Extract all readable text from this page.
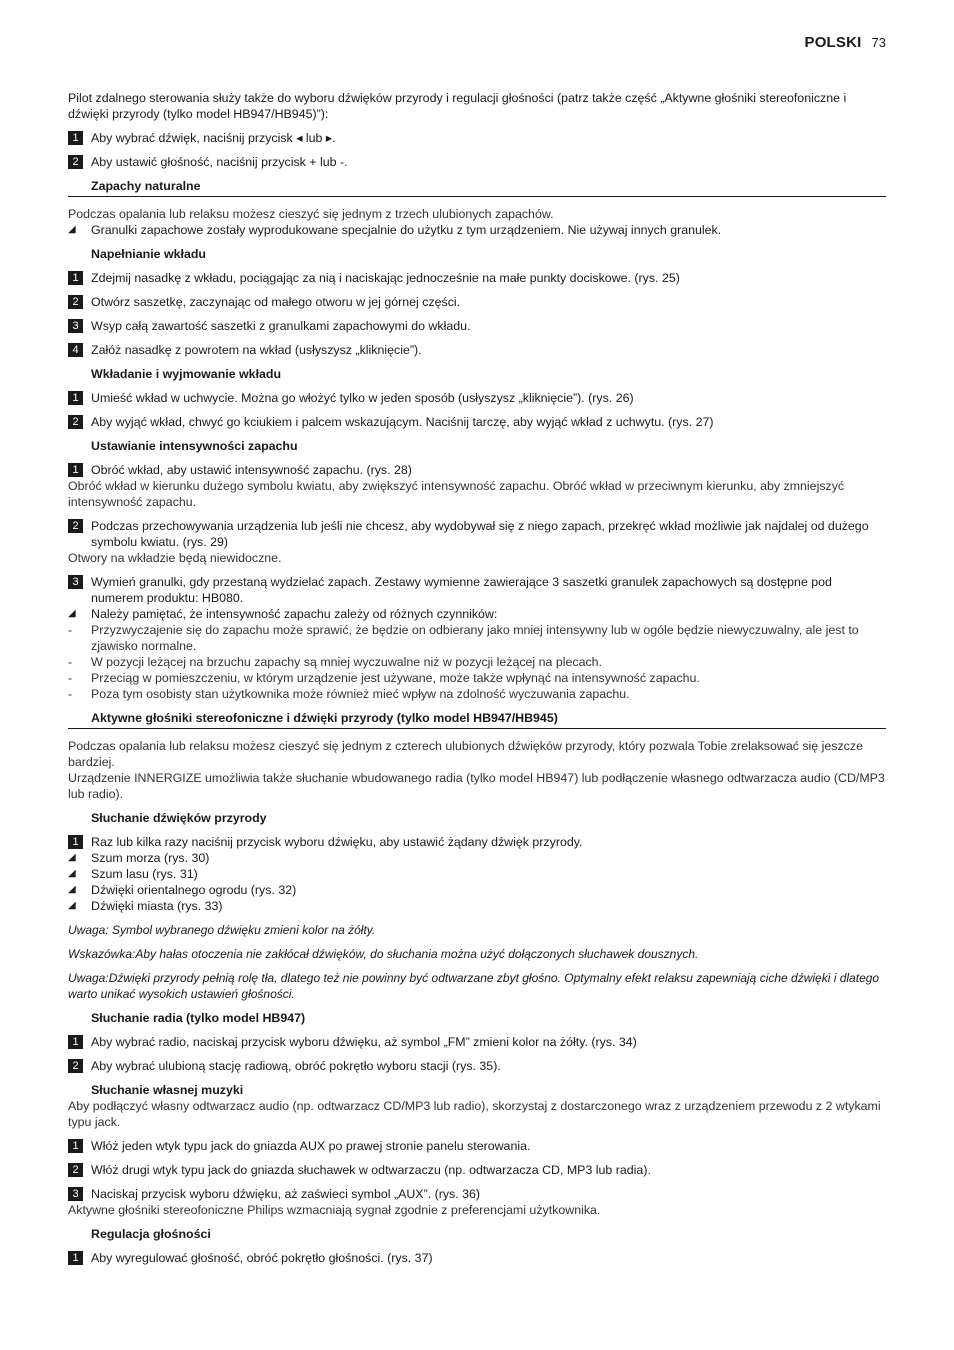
POLSKI 73

Pilot zdalnego sterowania służy także do wyboru dźwięków przyrody i regulacji głośności (patrz także część „Aktywne głośniki stereofoniczne i dźwięki przyrody (tylko model HB947/HB945)”):

1	Aby wybrać dźwięk, naciśnij przycisk ◂ lub ▸.
2	Aby ustawić głośność, naciśnij przycisk + lub -.
Zapachy naturalne

Podczas opalania lub relaksu możesz cieszyć się jednym z trzech ulubionych zapachów.

◢	Granulki zapachowe zostały wyprodukowane specjalnie do użytku z tym urządzeniem. Nie używaj innych granulek.
Napełnianie wkładu
1	Zdejmij nasadkę z wkładu, pociągając za nią i naciskając jednocześnie na małe punkty dociskowe. (rys. 25)
2	Otwórz saszetkę, zaczynając od małego otworu w jej górnej części.
3	Wsyp całą zawartość saszetki z granulkami zapachowymi do wkładu.
4	Załóż nasadkę z powrotem na wkład (usłyszysz „kliknięcie”).
Wkładanie i wyjmowanie wkładu
1	Umieść wkład w uchwycie. Można go włożyć tylko w jeden sposób (usłyszysz „kliknięcie”). (rys. 26)
2	Aby wyjąć wkład, chwyć go kciukiem i palcem wskazującym. Naciśnij tarczę, aby wyjąć wkład z uchwytu. (rys. 27)
Ustawianie intensywności zapachu
1	Obróć wkład, aby ustawić intensywność zapachu. (rys. 28)

Obróć wkład w kierunku dużego symbolu kwiatu, aby zwiększyć intensywność zapachu. Obróć wkład w przeciwnym kierunku, aby zmniejszyć intensywność zapachu.

2	Podczas przechowywania urządzenia lub jeśli nie chcesz, aby wydobywał się z niego zapach, przekręć wkład możliwie jak najdalej od dużego symbolu kwiatu. (rys. 29)

Otwory na wkładzie będą niewidoczne.

3	Wymień granulki, gdy przestaną wydzielać zapach. Zestawy wymienne zawierające 3 saszetki granulek zapachowych są dostępne pod numerem produktu: HB080.
◢	Należy pamiętać, że intensywność zapachu zależy od różnych czynników:
-	Przyzwyczajenie się do zapachu może sprawić, że będzie on odbierany jako mniej intensywny lub w ogóle będzie niewyczuwalny, ale jest to zjawisko normalne.
-	W pozycji leżącej na brzuchu zapachy są mniej wyczuwalne niż w pozycji leżącej na plecach.
-	Przeciąg w pomieszczeniu, w którym urządzenie jest używane, może także wpłynąć na intensywność zapachu.
-	Poza tym osobisty stan użytkownika może również mieć wpływ na zdolność wyczuwania zapachu.
Aktywne głośniki stereofoniczne i dźwięki przyrody (tylko model HB947/HB945)

Podczas opalania lub relaksu możesz cieszyć się jednym z czterech ulubionych dźwięków przyrody, który pozwala Tobie zrelaksować się jeszcze bardziej.

Urządzenie INNERGIZE umożliwia także słuchanie wbudowanego radia (tylko model HB947) lub podłączenie własnego odtwarzacza audio (CD/MP3 lub radio).

Słuchanie dźwięków przyrody
1	Raz lub kilka razy naciśnij przycisk wyboru dźwięku, aby ustawić żądany dźwięk przyrody.
◢	Szum morza (rys. 30)
◢	Szum lasu (rys. 31)
◢	Dźwięki orientalnego ogrodu (rys. 32)
◢	Dźwięki miasta (rys. 33)

Uwaga: Symbol wybranego dźwięku zmieni kolor na żółty.

Wskazówka:Aby hałas otoczenia nie zakłócał dźwięków, do słuchania można użyć dołączonych słuchawek dousznych.

Uwaga:Dźwięki przyrody pełnią rolę tła, dlatego też nie powinny być odtwarzane zbyt głośno. Optymalny efekt relaksu zapewniają ciche dźwięki i dlatego warto unikać wysokich ustawień głośności.

Słuchanie radia (tylko model HB947)
1	Aby wybrać radio, naciskaj przycisk wyboru dźwięku, aż symbol „FM” zmieni kolor na żółty. (rys. 34)
2	Aby wybrać ulubioną stację radiową, obróć pokrętło wyboru stacji (rys. 35).
Słuchanie własnej muzyki

Aby podłączyć własny odtwarzacz audio (np. odtwarzacz CD/MP3 lub radio), skorzystaj z dostarczonego wraz z urządzeniem przewodu z 2 wtykami typu jack.

1	Włóż jeden wtyk typu jack do gniazda AUX po prawej stronie panelu sterowania.
2	Włóż drugi wtyk typu jack do gniazda słuchawek w odtwarzaczu (np. odtwarzacza CD, MP3 lub radia).
3	Naciskaj przycisk wyboru dźwięku, aż zaświeci symbol „AUX”. (rys. 36)

Aktywne głośniki stereofoniczne Philips wzmacniają sygnał zgodnie z preferencjami użytkownika.

Regulacja głośności
1	Aby wyregulować głośność, obróć pokrętło głośności. (rys. 37)
